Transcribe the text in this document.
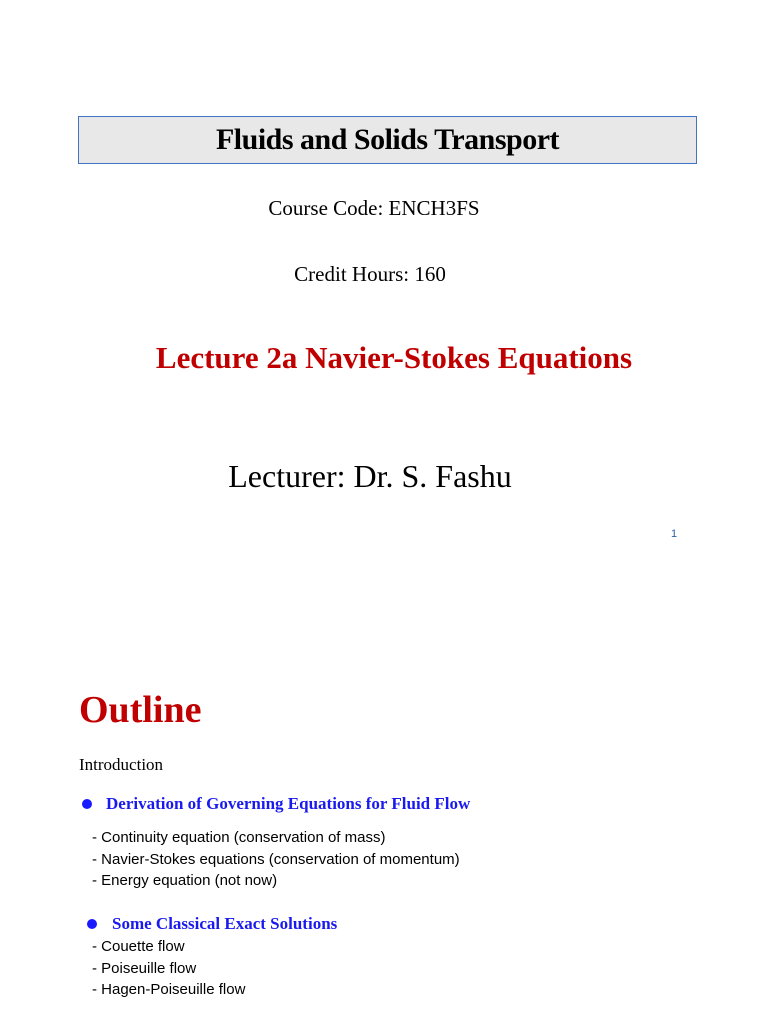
Fluids and Solids Transport
Course Code: ENCH3FS
Credit Hours: 160
Lecture 2a Navier-Stokes Equations
Lecturer: Dr. S. Fashu
1
Outline
Introduction
Derivation of Governing Equations for Fluid Flow
- Continuity equation (conservation of mass)
- Navier-Stokes equations (conservation of momentum)
- Energy equation (not now)
Some Classical Exact Solutions
- Couette flow
- Poiseuille flow
- Hagen-Poiseuille flow
